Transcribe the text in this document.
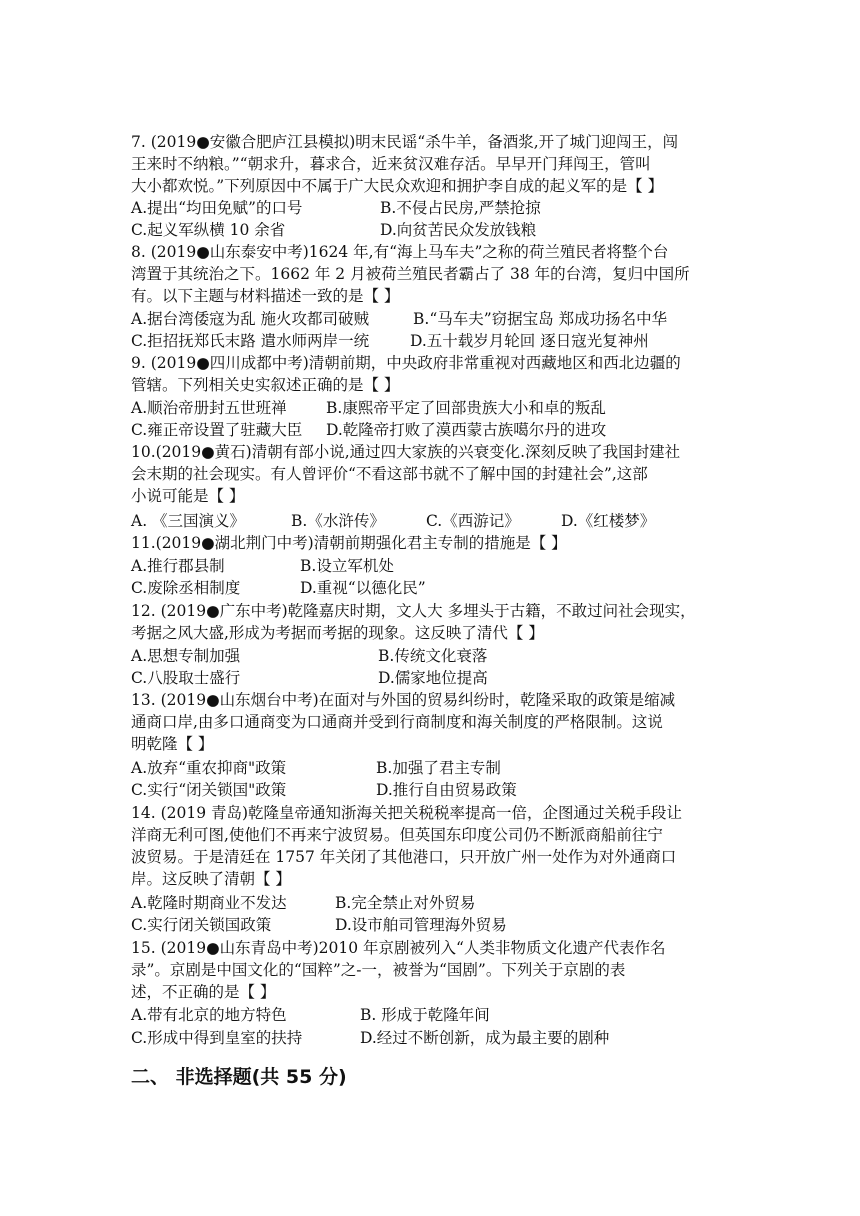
7. (2019●安徽合肥庐江县模拟)明末民谣“杀牛羊，备酒浆,开了城门迎闯王，闯
王来时不纳粮。”“朝求升，暮求合，近来贫汉难存活。早早开门拜闯王，管叫
大小都欢悦。”下列原因中不属于广大民众欢迎和拥护李自成的起义军的是【 】
A.提出“均田免赋”的口号	B.不侵占民房,严禁抢掠
C.起义军纵横 10 余省	D.向贫苦民众发放钱粮
8. (2019●山东泰安中考)1624 年,有“海上马车夫”之称的荷兰殖民者将整个台
湾置于其统治之下。1662 年 2 月被荷兰殖民者霸占了 38 年的台湾，复归中国所
有。以下主题与材料描述一致的是【 】
A.据台湾倭寇为乱 施火攻都司破贼	B.“马车夫”窃据宝岛 郑成功扬名中华
C.拒招抚郑氏末路 遣水师两岸一统	D.五十载岁月轮回 逐日寇光复神州
9. (2019●四川成都中考)清朝前期，中央政府非常重视对西藏地区和西北边疆的
管辖。下列相关史实叙述正确的是【 】
A.顺治帝册封五世班禅	B.康熙帝平定了回部贵族大小和卓的叛乱
C.雍正帝设置了驻藏大臣 D.乾隆帝打败了漠西蒙古族噶尔丹的进攻
10.(2019●黄石)清朝有部小说,通过四大家族的兴衰变化.深刻反映了我国封建社
会末期的社会现实。有人曾评价“不看这部书就不了解中国的封建社会”,这部
小说可能是【 】
A. 《三国演义》	B.《水浒传》	C.《西游记》	D.《红楼梦》
11.(2019●湖北荆门中考)清朝前期强化君主专制的措施是【 】
A.推行郡县制	B.设立军机处
C.废除丞相制度	D.重视“以德化民”
12. (2019●广东中考)乾隆嘉庆时期，文人大 多埋头于古籍，不敢过问社会现实，
考据之风大盛,形成为考据而考据的现象。这反映了清代【 】
A.思想专制加强	B.传统文化衰落
C.八股取士盛行	D.儒家地位提高
13. (2019●山东烟台中考)在面对与外国的贸易纠纷时，乾隆采取的政策是缩减
通商口岸,由多口通商变为口通商并受到行商制度和海关制度的严格限制。这说
明乾隆【 】
A.放弃“重农抑商"政策	B.加强了君主专制
C.实行“闭关锁国"政策	D.推行自由贸易政策
14. (2019 青岛)乾隆皇帝通知浙海关把关税税率提高一倍，企图通过关税手段让
洋商无利可图,使他们不再来宁波贸易。但英国东印度公司仍不断派商船前往宁
波贸易。于是清廷在 1757 年关闭了其他港口，只开放广州一处作为对外通商口
岸。这反映了清朝【 】
A.乾隆时期商业不发达	B.完全禁止对外贸易
C.实行闭关锁国政策	D.设市舶司管理海外贸易
15. (2019●山东青岛中考)2010 年京剧被列入“人类非物质文化遗产代表作名
录”。京剧是中国文化的“国粹”之-一，被誉为“国剧”。下列关于京剧的表
述，不正确的是【 】
A.带有北京的地方特色	B. 形成于乾隆年间
C.形成中得到皇室的扶持	D.经过不断创新，成为最主要的剧种
二、 非选择题(共 55 分)
